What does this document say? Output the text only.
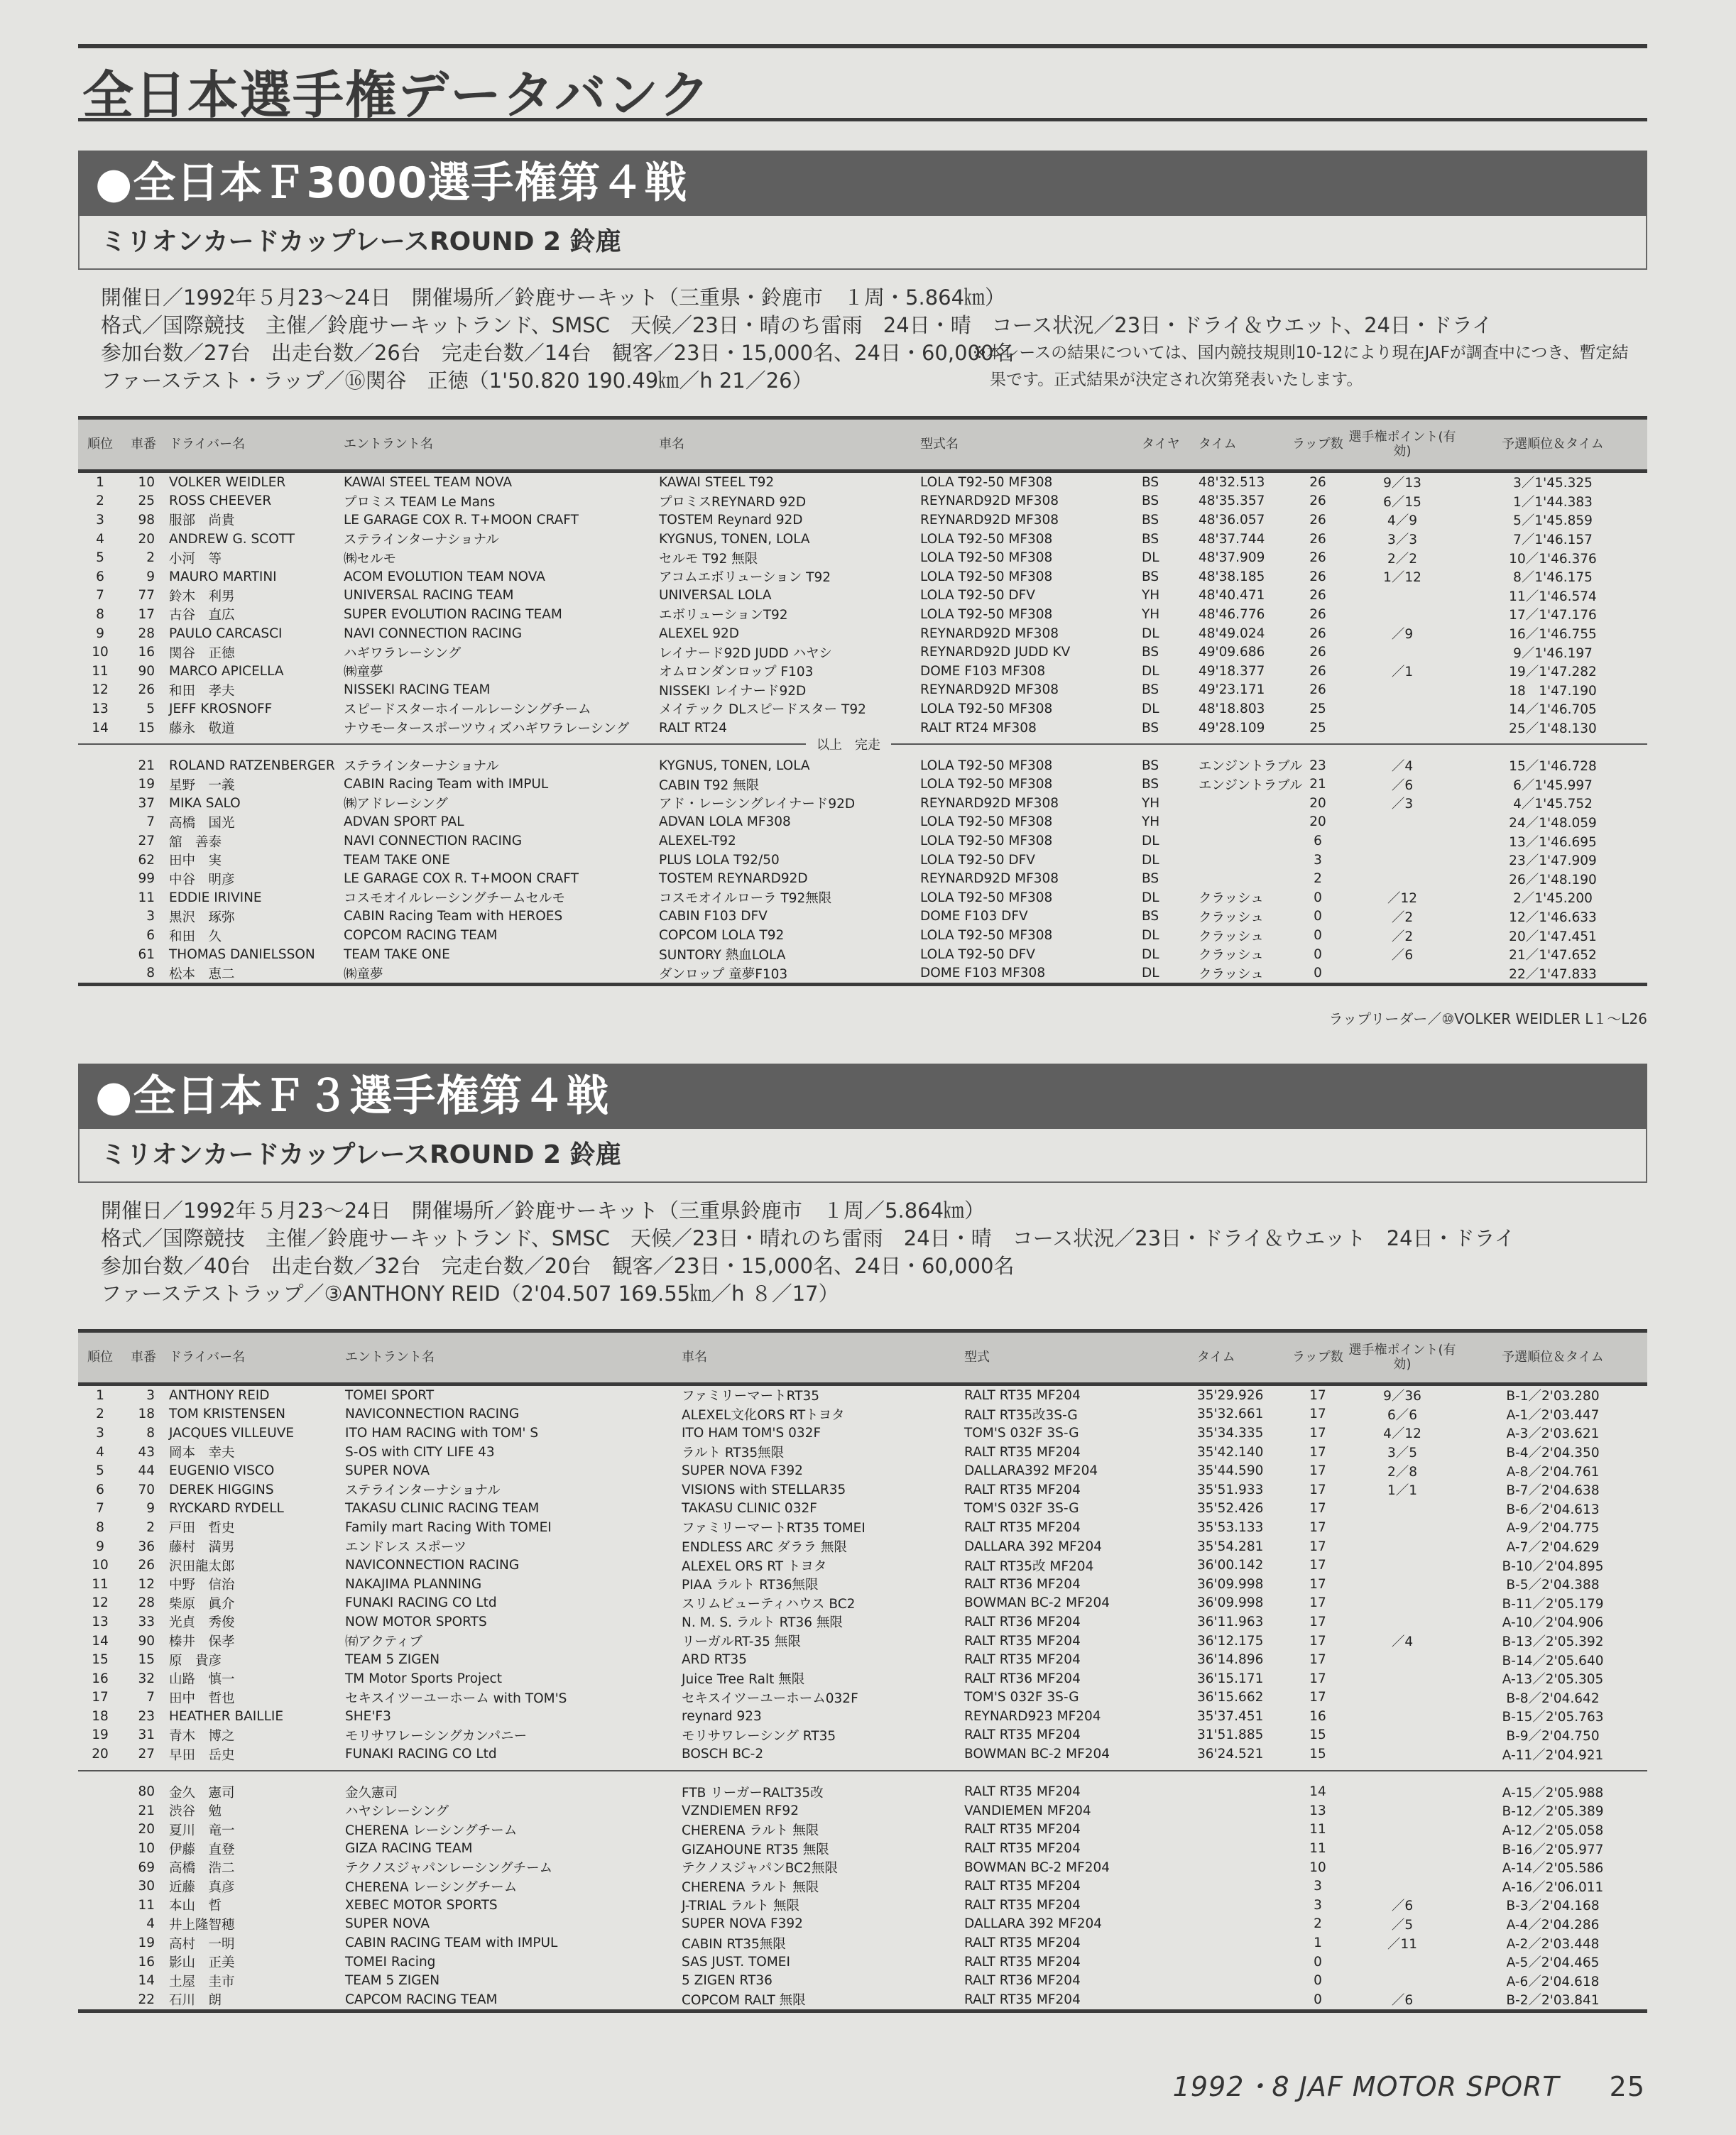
全日本選手権データバンク
●全日本Ｆ3000選手権第４戦
ミリオンカードカップレースROUND 2 鈴鹿
開催日／1992年５月23〜24日　開催場所／鈴鹿サーキット（三重県・鈴鹿市　１周・5.864㎞）
格式／国際競技　主催／鈴鹿サーキットランド、SMSC　天候／23日・晴のち雷雨　24日・晴　コース状況／23日・ドライ＆ウエット、24日・ドライ
参加台数／27台　出走台数／26台　完走台数／14台　観客／23日・15,000名、24日・60,000名
ファーステスト・ラップ／⑯関谷　正徳（1'50.820 190.49㎞／h 21／26）
※本レースの結果については、国内競技規則10-12により現在JAFが調査中につき、暫定結
果です。正式結果が決定され次第発表いたします。
順位	車番	ドライバー名	エントラント名	車名	型式名	タイヤ	タイム	ラップ数	選手権ポイント(有効)	予選順位＆タイム
1	10	VOLKER WEIDLER	KAWAI STEEL TEAM NOVA	KAWAI STEEL T92	LOLA T92-50 MF308	BS	48'32.513	26	9／13	3／1'45.325
2	25	ROSS CHEEVER	プロミス TEAM Le Mans	プロミスREYNARD 92D	REYNARD92D MF308	BS	48'35.357	26	6／15	1／1'44.383
3	98	服部　尚貴	LE GARAGE COX R. T+MOON CRAFT	TOSTEM Reynard 92D	REYNARD92D MF308	BS	48'36.057	26	4／9	5／1'45.859
4	20	ANDREW G. SCOTT	ステラインターナショナル	KYGNUS, TONEN, LOLA	LOLA T92-50 MF308	BS	48'37.744	26	3／3	7／1'46.157
5	2	小河　等	㈱セルモ	セルモ T92 無限	LOLA T92-50 MF308	DL	48'37.909	26	2／2	10／1'46.376
6	9	MAURO MARTINI	ACOM EVOLUTION TEAM NOVA	アコムエボリューション T92	LOLA T92-50 MF308	BS	48'38.185	26	1／12	8／1'46.175
7	77	鈴木　利男	UNIVERSAL RACING TEAM	UNIVERSAL LOLA	LOLA T92-50 DFV	YH	48'40.471	26		11／1'46.574
8	17	古谷　直広	SUPER EVOLUTION RACING TEAM	エボリューションT92	LOLA T92-50 MF308	YH	48'46.776	26		17／1'47.176
9	28	PAULO CARCASCI	NAVI CONNECTION RACING	ALEXEL 92D	REYNARD92D MF308	DL	48'49.024	26	／9	16／1'46.755
10	16	関谷　正徳	ハギワラレーシング	レイナード92D JUDD ハヤシ	REYNARD92D JUDD KV	BS	49'09.686	26		9／1'46.197
11	90	MARCO APICELLA	㈱童夢	オムロンダンロップ F103	DOME F103 MF308	DL	49'18.377	26	／1	19／1'47.282
12	26	和田　孝夫	NISSEKI RACING TEAM	NISSEKI レイナード92D	REYNARD92D MF308	BS	49'23.171	26		18　1'47.190
13	5	JEFF KROSNOFF	スピードスターホイールレーシングチーム	メイテック DLスピードスター T92	LOLA T92-50 MF308	DL	48'18.803	25		14／1'46.705
14	15	藤永　敬道	ナウモータースポーツウィズハギワラレーシング	RALT RT24	RALT RT24 MF308	BS	49'28.109	25		25／1'48.130

以上　完走										

	21	ROLAND RATZENBERGER	ステラインターナショナル	KYGNUS, TONEN, LOLA	LOLA T92-50 MF308	BS	エンジントラブル	23	／4	15／1'46.728
	19	星野　一義	CABIN Racing Team with IMPUL	CABIN T92 無限	LOLA T92-50 MF308	BS	エンジントラブル	21	／6	6／1'45.997
	37	MIKA SALO	㈱アドレーシング	アド・レーシングレイナード92D	REYNARD92D MF308	YH		20	／3	4／1'45.752
	7	高橋　国光	ADVAN SPORT PAL	ADVAN LOLA MF308	LOLA T92-50 MF308	YH		20		24／1'48.059
	27	舘　善泰	NAVI CONNECTION RACING	ALEXEL-T92	LOLA T92-50 MF308	DL		6		13／1'46.695
	62	田中　実	TEAM TAKE ONE	PLUS LOLA T92/50	LOLA T92-50 DFV	DL		3		23／1'47.909
	99	中谷　明彦	LE GARAGE COX R. T+MOON CRAFT	TOSTEM REYNARD92D	REYNARD92D MF308	BS		2		26／1'48.190
	11	EDDIE IRIVINE	コスモオイルレーシングチームセルモ	コスモオイルローラ T92無限	LOLA T92-50 MF308	DL	クラッシュ	0	／12	2／1'45.200
	3	黒沢　琢弥	CABIN Racing Team with HEROES	CABIN F103 DFV	DOME F103 DFV	BS	クラッシュ	0	／2	12／1'46.633
	6	和田　久	COPCOM RACING TEAM	COPCOM LOLA T92	LOLA T92-50 MF308	DL	クラッシュ	0	／2	20／1'47.451
	61	THOMAS DANIELSSON	TEAM TAKE ONE	SUNTORY 熱血LOLA	LOLA T92-50 DFV	DL	クラッシュ	0	／6	21／1'47.652
	8	松本　恵二	㈱童夢	ダンロップ 童夢F103	DOME F103 MF308	DL	クラッシュ	0		22／1'47.833
ラップリーダー／⑩VOLKER WEIDLER L１〜L26
●全日本Ｆ３選手権第４戦
ミリオンカードカップレースROUND 2 鈴鹿
開催日／1992年５月23〜24日　開催場所／鈴鹿サーキット（三重県鈴鹿市　１周／5.864㎞）
格式／国際競技　主催／鈴鹿サーキットランド、SMSC　天候／23日・晴れのち雷雨　24日・晴　コース状況／23日・ドライ＆ウエット　24日・ドライ
参加台数／40台　出走台数／32台　完走台数／20台　観客／23日・15,000名、24日・60,000名
ファーステストラップ／③ANTHONY REID（2'04.507 169.55㎞／h ８／17）
順位	車番	ドライバー名	エントラント名	車名	型式	タイム	ラップ数	選手権ポイント(有効)	予選順位＆タイム
1	3	ANTHONY REID	TOMEI SPORT	ファミリーマートRT35	RALT RT35 MF204	35'29.926	17	9／36	B-1／2'03.280
2	18	TOM KRISTENSEN	NAVICONNECTION RACING	ALEXEL文化ORS RTトヨタ	RALT RT35改3S-G	35'32.661	17	6／6	A-1／2'03.447
3	8	JACQUES VILLEUVE	ITO HAM RACING with TOM' S	ITO HAM TOM'S 032F	TOM'S 032F 3S-G	35'34.335	17	4／12	A-3／2'03.621
4	43	岡本　幸夫	S-OS with CITY LIFE 43	ラルト RT35無限	RALT RT35 MF204	35'42.140	17	3／5	B-4／2'04.350
5	44	EUGENIO VISCO	SUPER NOVA	SUPER NOVA F392	DALLARA392 MF204	35'44.590	17	2／8	A-8／2'04.761
6	70	DEREK HIGGINS	ステラインターナショナル	VISIONS with STELLAR35	RALT RT35 MF204	35'51.933	17	1／1	B-7／2'04.638
7	9	RYCKARD RYDELL	TAKASU CLINIC RACING TEAM	TAKASU CLINIC 032F	TOM'S 032F 3S-G	35'52.426	17		B-6／2'04.613
8	2	戸田　哲史	Family mart Racing With TOMEI	ファミリーマートRT35 TOMEI	RALT RT35 MF204	35'53.133	17		A-9／2'04.775
9	36	藤村　満男	エンドレス スポーツ	ENDLESS ARC ダララ 無限	DALLARA 392 MF204	35'54.281	17		A-7／2'04.629
10	26	沢田龍太郎	NAVICONNECTION RACING	ALEXEL ORS RT トヨタ	RALT RT35改 MF204	36'00.142	17		B-10／2'04.895
11	12	中野　信治	NAKAJIMA PLANNING	PIAA ラルト RT36無限	RALT RT36 MF204	36'09.998	17		B-5／2'04.388
12	28	柴原　眞介	FUNAKI RACING CO Ltd	スリムビューティハウス BC2	BOWMAN BC-2 MF204	36'09.998	17		B-11／2'05.179
13	33	光貞　秀俊	NOW MOTOR SPORTS	N. M. S. ラルト RT36 無限	RALT RT36 MF204	36'11.963	17		A-10／2'04.906
14	90	榛井　保孝	㈲アクティブ	リーガルRT-35 無限	RALT RT35 MF204	36'12.175	17	／4	B-13／2'05.392
15	15	原　貴彦	TEAM 5 ZIGEN	ARD RT35	RALT RT35 MF204	36'14.896	17		B-14／2'05.640
16	32	山路　慎一	TM Motor Sports Project	Juice Tree Ralt 無限	RALT RT36 MF204	36'15.171	17		A-13／2'05.305
17	7	田中　哲也	セキスイツーユーホーム with TOM'S	セキスイツーユーホーム032F	TOM'S 032F 3S-G	36'15.662	17		B-8／2'04.642
18	23	HEATHER BAILLIE	SHE'F3	reynard 923	REYNARD923 MF204	35'37.451	16		B-15／2'05.763
19	31	青木　博之	モリサワレーシングカンパニー	モリサワレーシング RT35	RALT RT35 MF204	31'51.885	15		B-9／2'04.750
20	27	早田　岳史	FUNAKI RACING CO Ltd	BOSCH BC-2	BOWMAN BC-2 MF204	36'24.521	15		A-11／2'04.921

	80	金久　憲司	金久憲司	FTB リーガーRALT35改	RALT RT35 MF204		14		A-15／2'05.988
	21	渋谷　勉	ハヤシレーシング	VZNDIEMEN RF92	VANDIEMEN MF204		13		B-12／2'05.389
	20	夏川　竜一	CHERENA レーシングチーム	CHERENA ラルト 無限	RALT RT35 MF204		11		A-12／2'05.058
	10	伊藤　直登	GIZA RACING TEAM	GIZAHOUNE RT35 無限	RALT RT35 MF204		11		B-16／2'05.977
	69	高橋　浩二	テクノスジャパンレーシングチーム	テクノスジャパンBC2無限	BOWMAN BC-2 MF204		10		A-14／2'05.586
	30	近藤　真彦	CHERENA レーシングチーム	CHERENA ラルト 無限	RALT RT35 MF204		3		A-16／2'06.011
	11	本山　哲	XEBEC MOTOR SPORTS	J-TRIAL ラルト 無限	RALT RT35 MF204		3	／6	B-3／2'04.168
	4	井上隆智穂	SUPER NOVA	SUPER NOVA F392	DALLARA 392 MF204		2	／5	A-4／2'04.286
	19	高村　一明	CABIN RACING TEAM with IMPUL	CABIN RT35無限	RALT RT35 MF204		1	／11	A-2／2'03.448
	16	影山　正美	TOMEI Racing	SAS JUST. TOMEI	RALT RT35 MF204		0		A-5／2'04.465
	14	土屋　圭市	TEAM 5 ZIGEN	5 ZIGEN RT36	RALT RT36 MF204		0		A-6／2'04.618
	22	石川　朗	CAPCOM RACING TEAM	COPCOM RALT 無限	RALT RT35 MF204		0	／6	B-2／2'03.841
1992・8 JAF MOTOR SPORT 25
